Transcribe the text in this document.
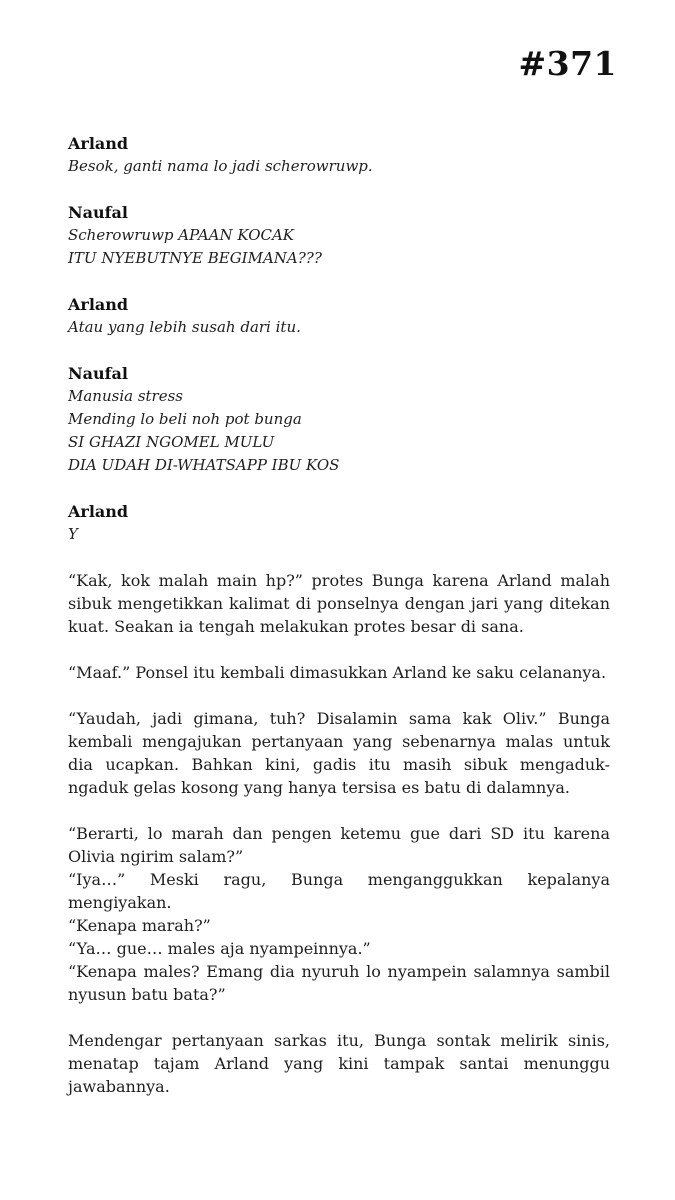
#371
Arland
Besok, ganti nama lo jadi scherowruwp.
Naufal
Scherowruwp APAAN KOCAK
ITU NYEBUTNYE BEGIMANA???
Arland
Atau yang lebih susah dari itu.
Naufal
Manusia stress
Mending lo beli noh pot bunga
SI GHAZI NGOMEL MULU
DIA UDAH DI-WHATSAPP IBU KOS
Arland
Y

“Kak, kok malah main hp?” protes Bunga karena Arland malah sibuk mengetikkan kalimat di ponselnya dengan jari yang ditekan kuat. Seakan ia tengah melakukan protes besar di sana.

“Maaf.” Ponsel itu kembali dimasukkan Arland ke saku celananya.

“Yaudah, jadi gimana, tuh? Disalamin sama kak Oliv.” Bunga kembali mengajukan pertanyaan yang sebenarnya malas untuk dia ucapkan. Bahkan kini, gadis itu masih sibuk mengaduk-ngaduk gelas kosong yang hanya tersisa es batu di dalamnya.

“Berarti, lo marah dan pengen ketemu gue dari SD itu karena Olivia ngirim salam?”

“Iya…” Meski ragu, Bunga menganggukkan kepalanya mengiyakan.

“Kenapa marah?”

“Ya… gue… males aja nyampeinnya.”

“Kenapa males? Emang dia nyuruh lo nyampein salamnya sambil nyusun batu bata?”

Mendengar pertanyaan sarkas itu, Bunga sontak melirik sinis, menatap tajam Arland yang kini tampak santai menunggu jawabannya.
